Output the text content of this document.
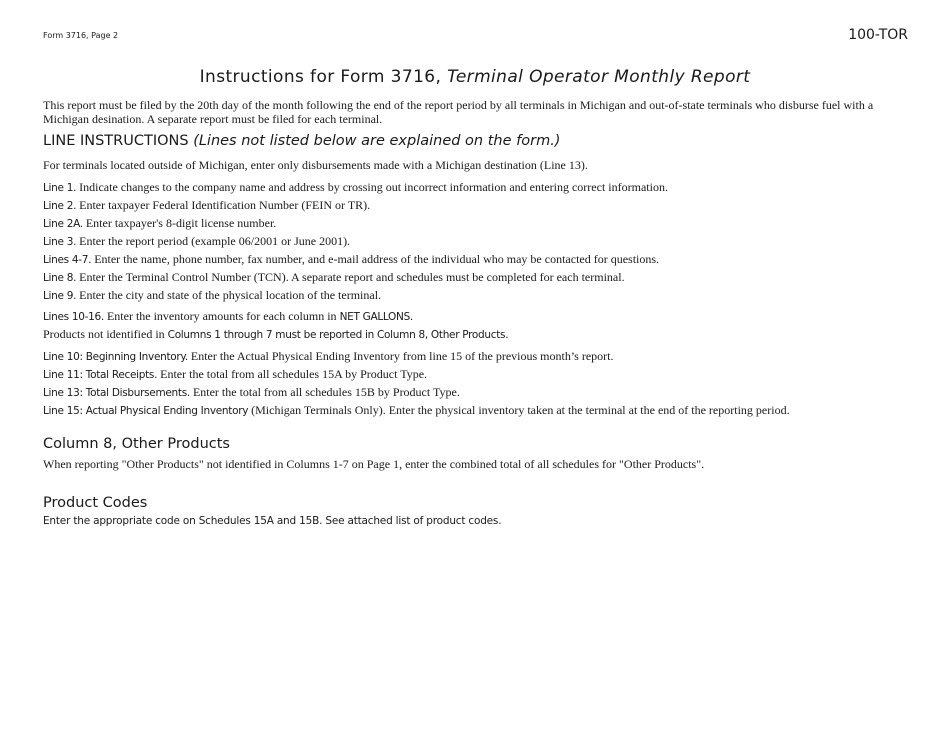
Form 3716, Page 2	100-TOR
Instructions for Form 3716, Terminal Operator Monthly Report
This report must be filed by the 20th day of the month following the end of the report period by all terminals in Michigan and out-of-state terminals who disburse fuel with a Michigan desination. A separate report must be filed for each terminal.
LINE INSTRUCTIONS (Lines not listed below are explained on the form.)
For terminals located outside of Michigan, enter only disbursements made with a Michigan destination (Line 13).
Line 1. Indicate changes to the company name and address by crossing out incorrect information and entering correct information.
Line 2. Enter taxpayer Federal Identification Number (FEIN or TR).
Line 2A. Enter taxpayer's 8-digit license number.
Line 3. Enter the report period (example 06/2001 or June 2001).
Lines 4-7. Enter the name, phone number, fax number, and e-mail address of the individual who may be contacted for questions.
Line 8. Enter the Terminal Control Number (TCN). A separate report and schedules must be completed for each terminal.
Line 9. Enter the city and state of the physical location of the terminal.
Lines 10-16. Enter the inventory amounts for each column in NET GALLONS.
Products not identified in Columns 1 through 7 must be reported in Column 8, Other Products.
Line 10: Beginning Inventory. Enter the Actual Physical Ending Inventory from line 15 of the previous month’s report.
Line 11: Total Receipts. Enter the total from all schedules 15A by Product Type.
Line 13: Total Disbursements. Enter the total from all schedules 15B by Product Type.
Line 15: Actual Physical Ending Inventory (Michigan Terminals Only). Enter the physical inventory taken at the terminal at the end of the reporting period.
Column 8, Other Products
When reporting "Other Products" not identified in Columns 1-7 on Page 1, enter the combined total of all schedules for "Other Products".
Product Codes
Enter the appropriate code on Schedules 15A and 15B. See attached list of product codes.
